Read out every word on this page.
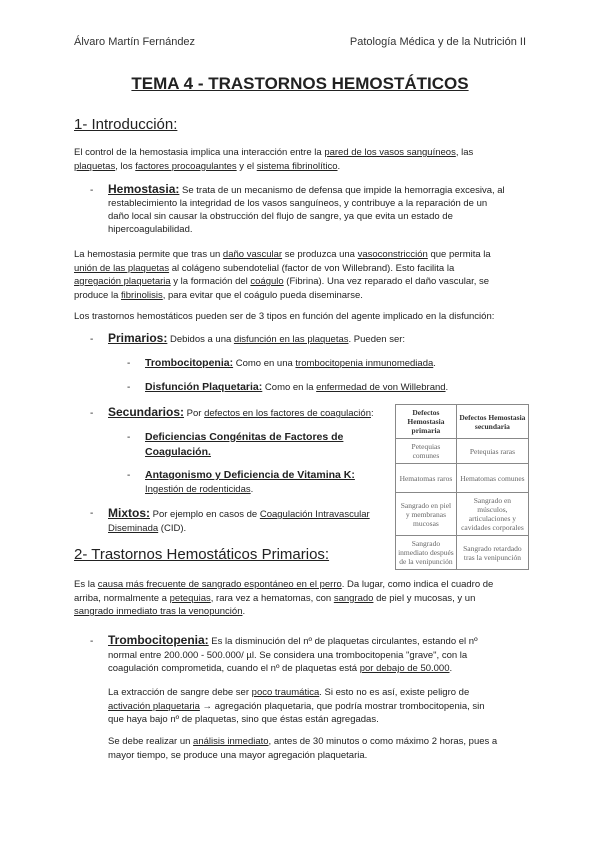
Álvaro Martín Fernández	Patología Médica y de la Nutrición II
TEMA 4 - TRASTORNOS HEMOSTÁTICOS
1- Introducción:
El control de la hemostasia implica una interacción entre la pared de los vasos sanguíneos, las
plaquetas, los factores procoagulantes y el sistema fibrinolítico.
- Hemostasia: Se trata de un mecanismo de defensa que impide la hemorragia excesiva, al
restablecimiento la integridad de los vasos sanguíneos, y contribuye a la reparación de un
daño local sin causar la obstrucción del flujo de sangre, ya que evita un estado de
hipercoagulabilidad.
La hemostasia permite que tras un daño vascular se produzca una vasoconstricción que permita la
unión de las plaquetas al colágeno subendotelial (factor de von Willebrand). Esto facilita la
agregación plaquetaria y la formación del coágulo (Fibrina). Una vez reparado el daño vascular, se
produce la fibrinolisis, para evitar que el coágulo pueda diseminarse.
Los trastornos hemostáticos pueden ser de 3 tipos en función del agente implicado en la disfunción:
- Primarios: Debidos a una disfunción en las plaquetas. Pueden ser:
- Trombocitopenia: Como en una trombocitopenia inmunomediada.
- Disfunción Plaquetaria: Como en la enfermedad de von Willebrand.
- Secundarios: Por defectos en los factores de coagulación:
- Deficiencias Congénitas de Factores de
Coagulación.
- Antagonismo y Deficiencia de Vitamina K:
Ingestión de rodenticidas.
- Mixtos: Por ejemplo en casos de Coagulación Intravascular
Diseminada (CID).
Defectos Hemostasia primaria	Defectos Hemostasia secundaria
Petequias comunes	Petequias raras
Hematomas raros	Hematomas comunes
Sangrado en piel y membranas mucosas	Sangrado en músculos, articulaciones y cavidades corporales
Sangrado inmediato después de la venipunción	Sangrado retardado tras la venipunción
2- Trastornos Hemostáticos Primarios:
Es la causa más frecuente de sangrado espontáneo en el perro. Da lugar, como indica el cuadro de
arriba, normalmente a petequias, rara vez a hematomas, con sangrado de piel y mucosas, y un
sangrado inmediato tras la venopunción.
- Trombocitopenia: Es la disminución del nº de plaquetas circulantes, estando el nº
normal entre 200.000 - 500.000/ µl. Se considera una trombocitopenia "grave", con la
coagulación comprometida, cuando el nº de plaquetas está por debajo de 50.000.
La extracción de sangre debe ser poco traumática. Si esto no es así, existe peligro de
activación plaquetaria → agregación plaquetaria, que podría mostrar trombocitopenia, sin
que haya bajo nº de plaquetas, sino que éstas están agregadas.
Se debe realizar un análisis inmediato, antes de 30 minutos o como máximo 2 horas, pues a
mayor tiempo, se produce una mayor agregación plaquetaria.
